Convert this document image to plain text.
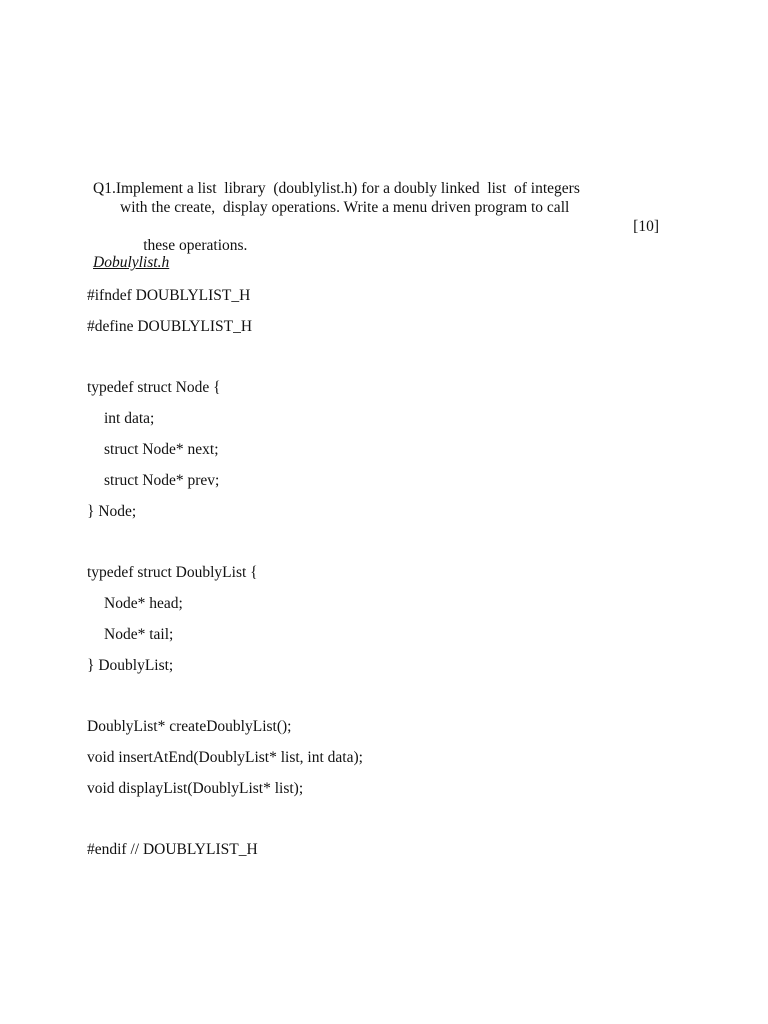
Q1.Implement a list  library  (doublylist.h) for a doubly linked  list  of integers
with the create,  display operations. Write a menu driven program to call

these operations.

[10]

Dobulylist.h
#ifndef DOUBLYLIST_H
#define DOUBLYLIST_H
typedef struct Node {
int data;
struct Node* next;
struct Node* prev;
} Node;
typedef struct DoublyList {
Node* head;
Node* tail;
} DoublyList;
DoublyList* createDoublyList();
void insertAtEnd(DoublyList* list, int data);
void displayList(DoublyList* list);
#endif // DOUBLYLIST_H
